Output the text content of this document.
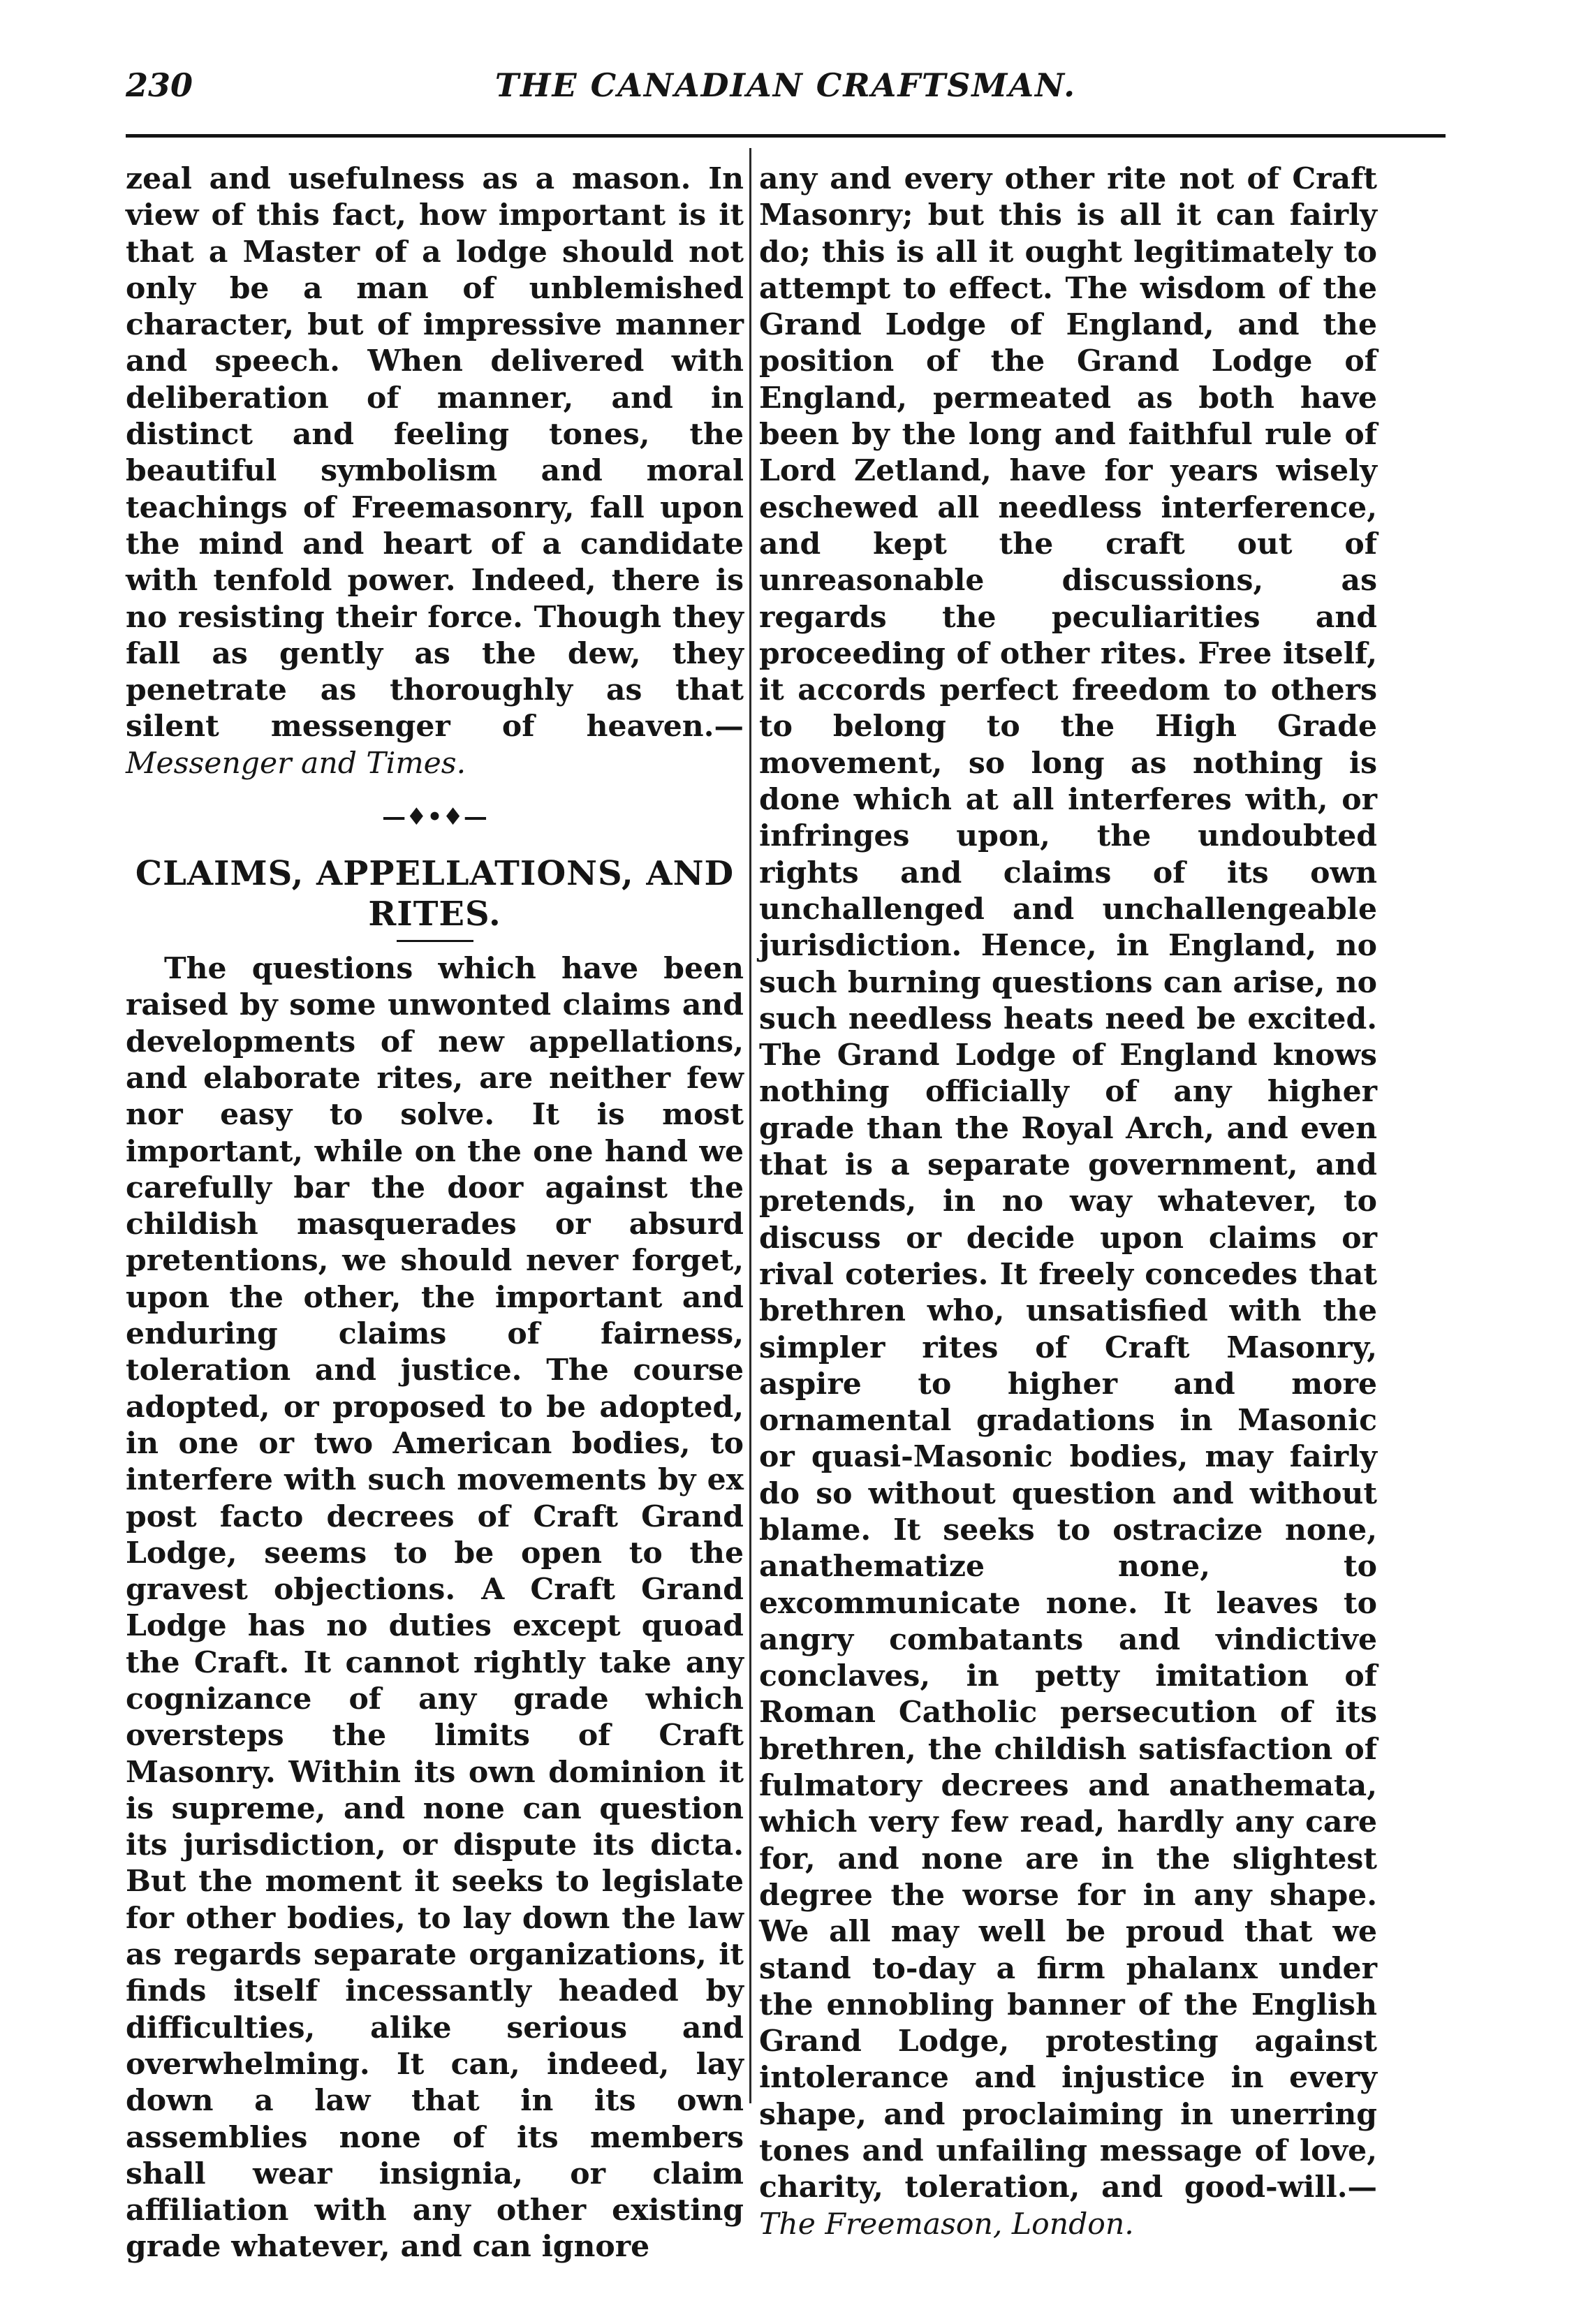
230	THE CANADIAN CRAFTSMAN.

zeal and usefulness as a mason. In view of this fact, how important is it that a Master of a lodge should not only be a man of unblemished character, but of impressive manner and speech. When delivered with deliberation of manner, and in distinct and feeling tones, the beautiful symbolism and moral teachings of Freemasonry, fall upon the mind and heart of a candidate with tenfold power. Indeed, there is no resisting their force. Though they fall as gently as the dew, they penetrate as thoroughly as that silent messenger of heaven.— Messenger and Times.

—♦•♦—
CLAIMS, APPELLATIONS, AND RITES.

The questions which have been raised by some unwonted claims and developments of new appellations, and elaborate rites, are neither few nor easy to solve. It is most important, while on the one hand we carefully bar the door against the childish masquerades or absurd pretentions, we should never forget, upon the other, the important and enduring claims of fairness, toleration and justice. The course adopted, or proposed to be adopted, in one or two American bodies, to interfere with such movements by ex post facto decrees of Craft Grand Lodge, seems to be open to the gravest objections. A Craft Grand Lodge has no duties except quoad the Craft. It cannot rightly take any cognizance of any grade which oversteps the limits of Craft Masonry. Within its own dominion it is supreme, and none can question its jurisdiction, or dispute its dicta. But the moment it seeks to legislate for other bodies, to lay down the law as regards separate organizations, it finds itself incessantly headed by difficulties, alike serious and overwhelming. It can, indeed, lay down a law that in its own assemblies none of its members shall wear insignia, or claim affiliation with any other existing grade whatever, and can ignore

any and every other rite not of Craft Masonry; but this is all it can fairly do; this is all it ought legitimately to attempt to effect. The wisdom of the Grand Lodge of England, and the position of the Grand Lodge of England, permeated as both have been by the long and faithful rule of Lord Zetland, have for years wisely eschewed all needless interference, and kept the craft out of unreasonable discussions, as regards the peculiarities and proceeding of other rites. Free itself, it accords perfect freedom to others to belong to the High Grade movement, so long as nothing is done which at all interferes with, or infringes upon, the undoubted rights and claims of its own unchallenged and unchallengeable jurisdiction. Hence, in England, no such burning questions can arise, no such needless heats need be excited. The Grand Lodge of England knows nothing officially of any higher grade than the Royal Arch, and even that is a separate government, and pretends, in no way whatever, to discuss or decide upon claims or rival coteries. It freely concedes that brethren who, unsatisfied with the simpler rites of Craft Masonry, aspire to higher and more ornamental gradations in Masonic or quasi-Masonic bodies, may fairly do so without question and without blame. It seeks to ostracize none, anathematize none, to excommunicate none. It leaves to angry combatants and vindictive conclaves, in petty imitation of Roman Catholic persecution of its brethren, the childish satisfaction of fulmatory decrees and anathemata, which very few read, hardly any care for, and none are in the slightest degree the worse for in any shape. We all may well be proud that we stand to-day a firm phalanx under the ennobling banner of the English Grand Lodge, protesting against intolerance and injustice in every shape, and proclaiming in unerring tones and unfailing message of love, charity, toleration, and good-will.— The Freemason, London.
